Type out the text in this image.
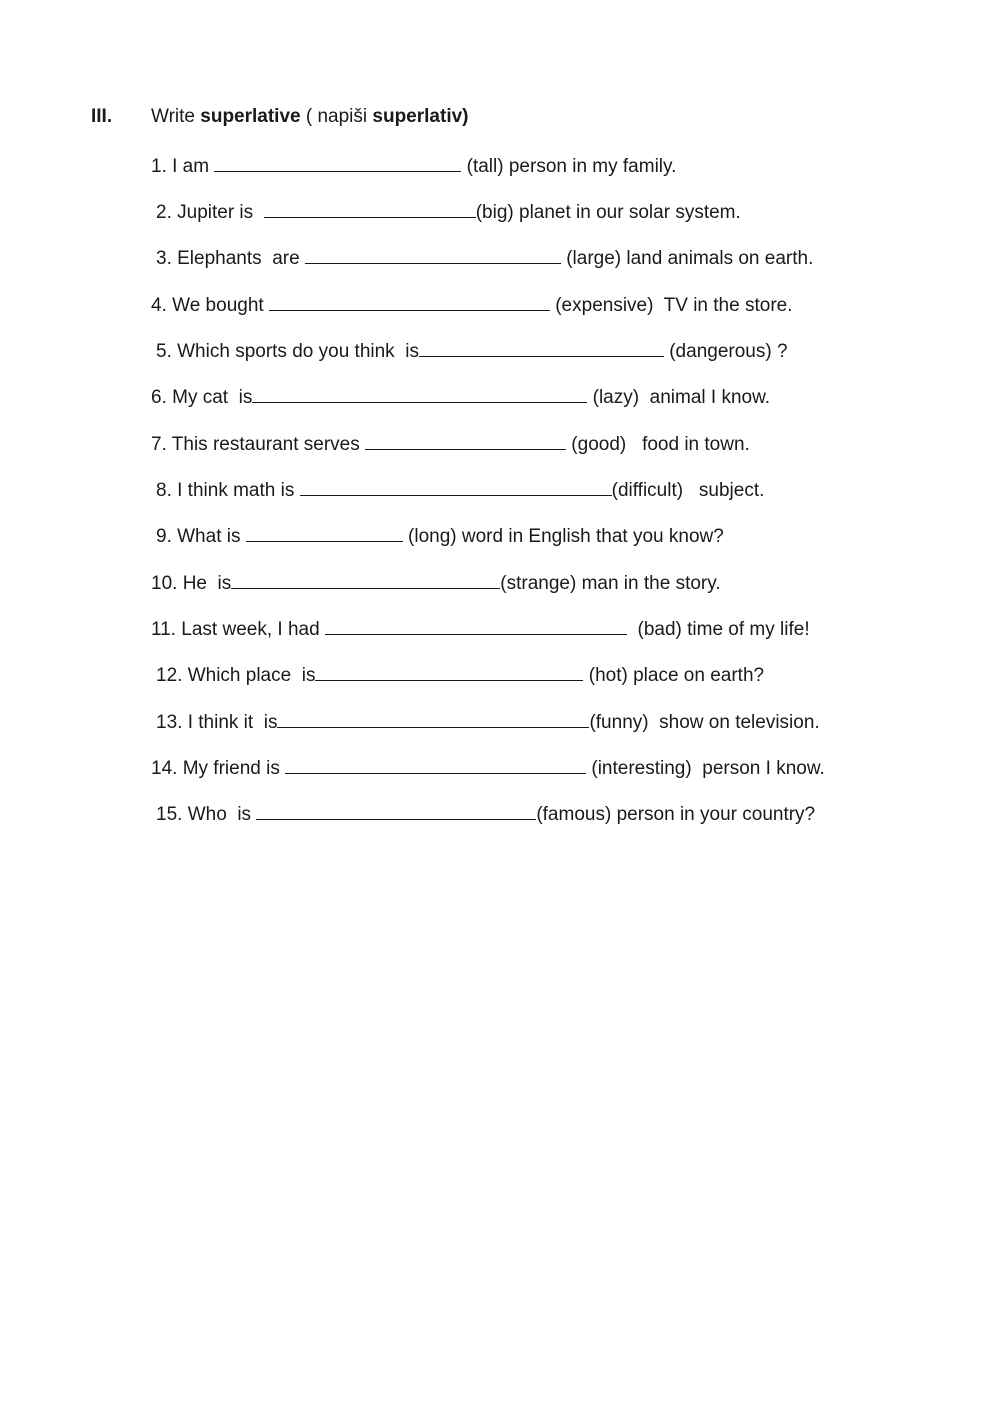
III. Write superlative ( napiši superlativ)
1. I am	(tall) person in my family.
2. Jupiter is	(big) planet in our solar system.
3. Elephants  are	(large) land animals on earth.
4. We bought	(expensive)  TV in the store.
5. Which sports do you think  is	(dangerous) ?
6. My cat  is	(lazy)  animal I know.
7. This restaurant serves	(good)   food in town.
8. I think math is	(difficult)   subject.
9. What is	(long) word in English that you know?
10. He  is	(strange) man in the story.
11. Last week, I had	(bad) time of my life!
12. Which place  is	(hot) place on earth?
13. I think it  is	(funny)  show on television.
14. My friend is	(interesting)  person I know.
15. Who  is	(famous) person in your country?
